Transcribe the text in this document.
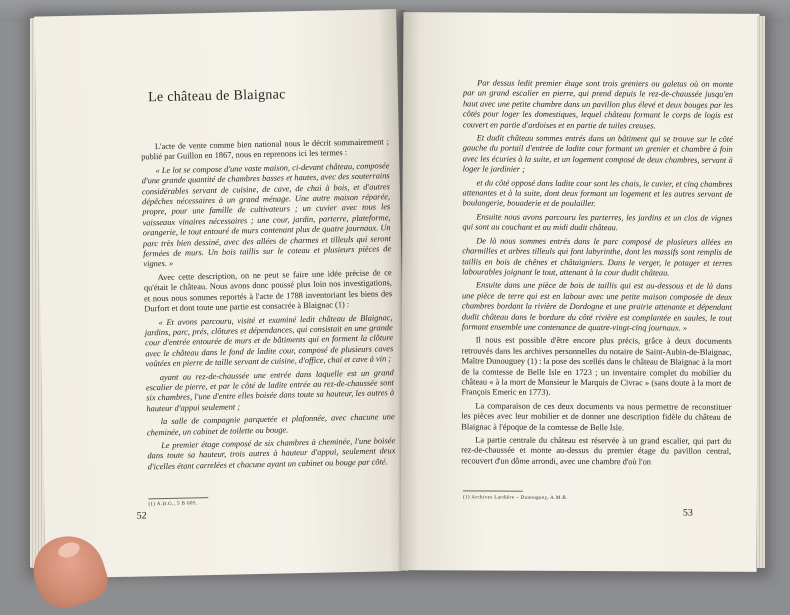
Le château de Blaignac

L'acte de vente comme bien national nous le décrit sommairement ; publié par Guillon en 1867, nous en reprenons ici les termes :

« Le lot se compose d'une vaste maison, ci-devant château, composée d'une grande quantité de chambres basses et hautes, avec des souterrains considérables servant de cuisine, de cave, de chai à bois, et d'autres dépêches nécessaires à un grand ménage. Une autre maison réparée, propre, pour une famille de cultivateurs ; un cuvier avec tous les vaisseaux vinaires nécessaires ; une cour, jardin, parterre, plateforme, orangerie, le tout entouré de murs contenant plus de quatre journaux. Un parc très bien dessiné, avec des allées de charmes et tilleuls qui seront fermées de murs. Un bois taillis sur le coteau et plusieurs pièces de vignes. »

Avec cette description, on ne peut se faire une idée précise de ce qu'était le château. Nous avons donc poussé plus loin nos investigations, et nous nous sommes reportés à l'acte de 1788 inventoriant les biens des Durfort et dont toute une partie est consacrée à Blaignac (1) :

« Et avons parcouru, visité et examiné ledit château de Blaignac, jardins, parc, prés, clôtures et dépendances, qui consistait en une grande cour d'entrée entourée de murs et de bâtiments qui en forment la clôture avec le château dans le fond de ladite cour, composé de plusieurs caves voûtées en pierre de taille servant de cuisine, d'office, chai et cave à vin ;

ayant au rez-de-chaussée une entrée dans laquelle est un grand escalier de pierre, et par le côté de ladite entrée au rez-de-chaussée sont six chambres, l'une d'entre elles boisée dans toute sa hauteur, les autres à hauteur d'appui seulement ;

la salle de compagnie parquetée et plafonnée, avec chacune une cheminée, un cabinet de toilette ou bouge.

Le premier étage composé de six chambres à cheminée, l'une boisée dans toute sa hauteur, trois autres à hauteur d'appui, seulement deux d'icelles étant carrelées et chacune ayant un cabinet ou bouge par côté.

(1) A.D.G., 5 B 605.
52

Par dessus ledit premier étage sont trois greniers ou galetas où on monte par un grand escalier en pierre, qui prend depuis le rez-de-chaussée jusqu'en haut avec une petite chambre dans un pavillon plus élevé et deux bouges par les côtés pour loger les domestiques, lequel château formant le corps de logis est couvert en partie d'ardoises et en partie de tuiles creuses.

Et dudit château sommes entrés dans un bâtiment qui se trouve sur le côté gauche du portail d'entrée de ladite cour formant un grenier et chambre à foin avec les écuries à la suite, et un logement composé de deux chambres, servant à loger le jardinier ;

et du côté opposé dans ladite cour sont les chais, le cuvier, et cinq chambres attenantes et à la suite, dont deux formant un logement et les autres servant de boulangerie, bouaderie et de poulailler.

Ensuite nous avons parcouru les parterres, les jardins et un clos de vignes qui sont au couchant et au midi dudit château.

De là nous sommes entrés dans le parc composé de plusieurs allées en charmilles et arbres tilleuls qui font labyrinthe, dont les massifs sont remplis de taillis en bois de chênes et châtaigniers. Dans le verger, le potager et terres labourables joignant le tout, attenant à la cour dudit château.

Ensuite dans une pièce de bois de taillis qui est au-dessous et de là dans une pièce de terre qui est en labour avec une petite maison composée de deux chambres bordant la rivière de Dordogne et une prairie attenante et dépendant dudit château dans le bordure du côté rivière est complantée en saules, le tout formant ensemble une contenance de quatre-vingt-cinq journaux. »

Il nous est possible d'être encore plus précis, grâce à deux documents retrouvés dans les archives personnelles du notaire de Saint-Aubin-de-Blaignac, Maître Dunouguey (1) : la pose des scellés dans le château de Blaignac à la mort de la comtesse de Belle Isle en 1723 ; un inventaire complet du mobilier du château « à la mort de Monsieur le Marquis de Civrac » (sans doute à la mort de François Emeric en 1773).

La comparaison de ces deux documents va nous permettre de reconstituer les pièces avec leur mobilier et de donner une description fidèle du château de Blaignac à l'époque de la comtesse de Belle Isle.

La partie centrale du château est réservée à un grand escalier, qui part du rez-de-chaussée et monte au-dessus du premier étage du pavillon central, recouvert d'un dôme arrondi, avec une chambre d'où l'on

(1) Archives Lardière – Dunouguey, A.M.B.
53
